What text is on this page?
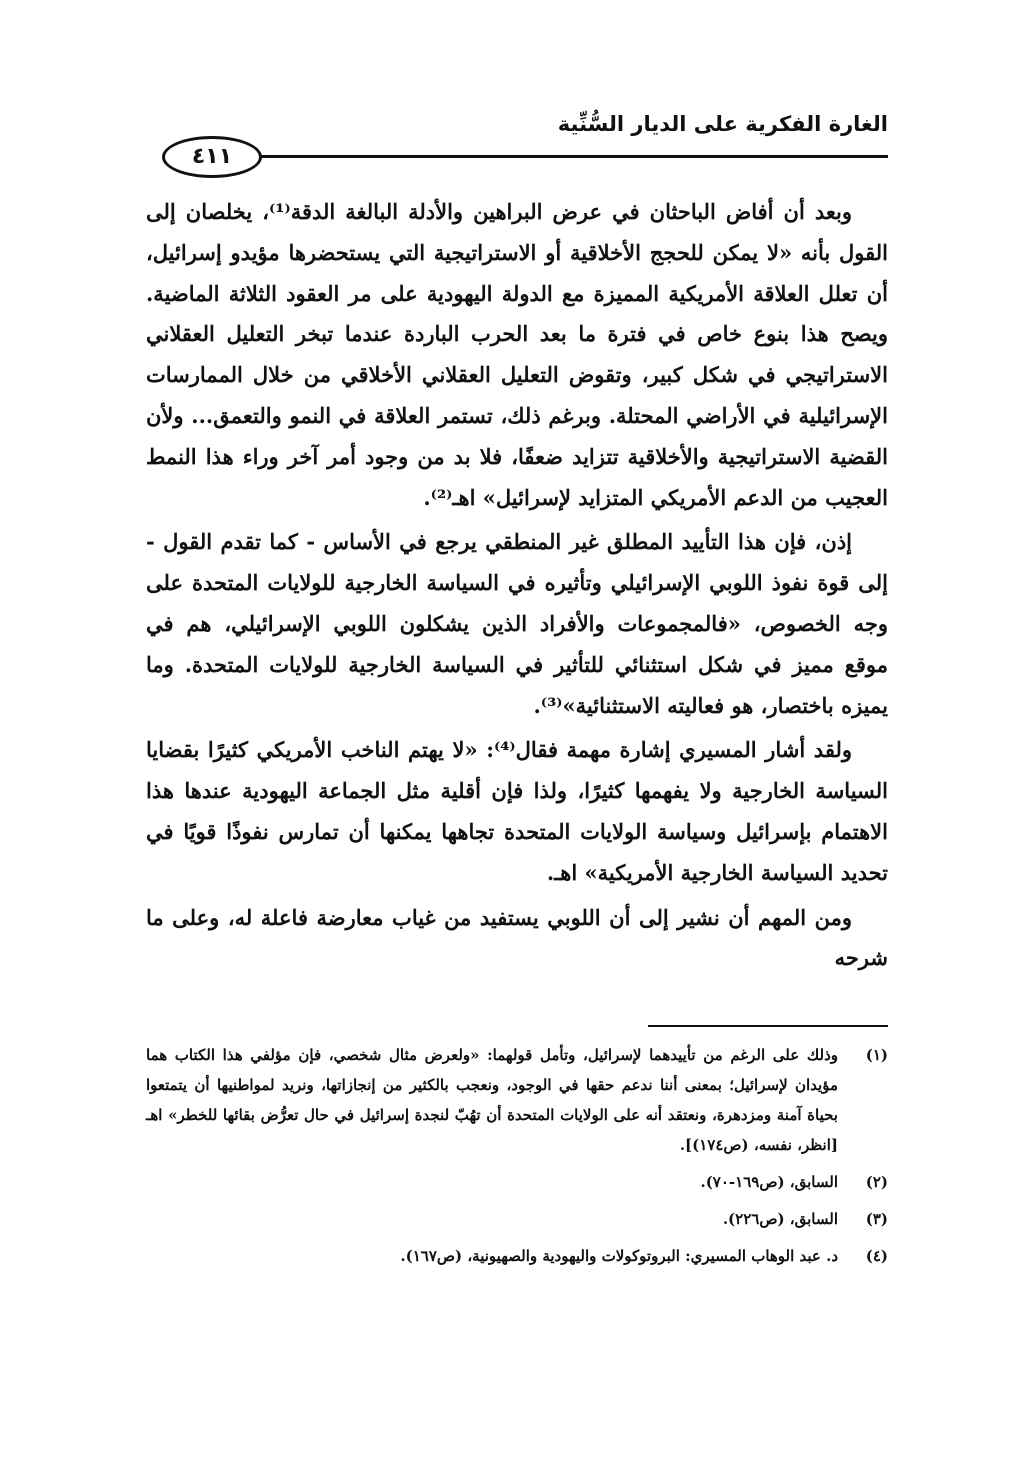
الغارة الفكرية على الديار السُّنِّية
٤١١

وبعد أن أفاض الباحثان في عرض البراهين والأدلة البالغة الدقة⁽¹⁾، يخلصان إلى القول بأنه «لا يمكن للحجج الأخلاقية أو الاستراتيجية التي يستحضرها مؤيدو إسرائيل، أن تعلل العلاقة الأمريكية المميزة مع الدولة اليهودية على مر العقود الثلاثة الماضية. ويصح هذا بنوع خاص في فترة ما بعد الحرب الباردة عندما تبخر التعليل العقلاني الاستراتيجي في شكل كبير، وتقوض التعليل العقلاني الأخلاقي من خلال الممارسات الإسرائيلية في الأراضي المحتلة. وبرغم ذلك، تستمر العلاقة في النمو والتعمق... ولأن القضية الاستراتيجية والأخلاقية تتزايد ضعفًا، فلا بد من وجود أمر آخر وراء هذا النمط العجيب من الدعم الأمريكي المتزايد لإسرائيل» اهـ⁽²⁾.

إذن، فإن هذا التأييد المطلق غير المنطقي يرجع في الأساس - كما تقدم القول - إلى قوة نفوذ اللوبي الإسرائيلي وتأثيره في السياسة الخارجية للولايات المتحدة على وجه الخصوص، «فالمجموعات والأفراد الذين يشكلون اللوبي الإسرائيلي، هم في موقع مميز في شكل استثنائي للتأثير في السياسة الخارجية للولايات المتحدة. وما يميزه باختصار، هو فعاليته الاستثنائية»⁽³⁾.

ولقد أشار المسيري إشارة مهمة فقال⁽⁴⁾: «لا يهتم الناخب الأمريكي كثيرًا بقضايا السياسة الخارجية ولا يفهمها كثيرًا، ولذا فإن أقلية مثل الجماعة اليهودية عندها هذا الاهتمام بإسرائيل وسياسة الولايات المتحدة تجاهها يمكنها أن تمارس نفوذًا قويًا في تحديد السياسة الخارجية الأمريكية» اهـ.

ومن المهم أن نشير إلى أن اللوبي يستفيد من غياب معارضة فاعلة له، وعلى ما شرحه

(١)
وذلك على الرغم من تأييدهما لإسرائيل، وتأمل قولهما: «ولعرض مثال شخصي، فإن مؤلفي هذا الكتاب هما مؤيدان لإسرائيل؛ بمعنى أننا ندعم حقها في الوجود، ونعجب بالكثير من إنجازاتها، ونريد لمواطنيها أن يتمتعوا بحياة آمنة ومزدهرة، ونعتقد أنه على الولايات المتحدة أن تهُبّ لنجدة إسرائيل في حال تعرُّض بقائها للخطر» اهـ [انظر، نفسه، (ص١٧٤)].
(٢)
السابق، (ص١٦٩-٧٠).
(٣)
السابق، (ص٢٢٦).
(٤)
د. عبد الوهاب المسيري: البروتوكولات واليهودية والصهيونية، (ص١٦٧).
